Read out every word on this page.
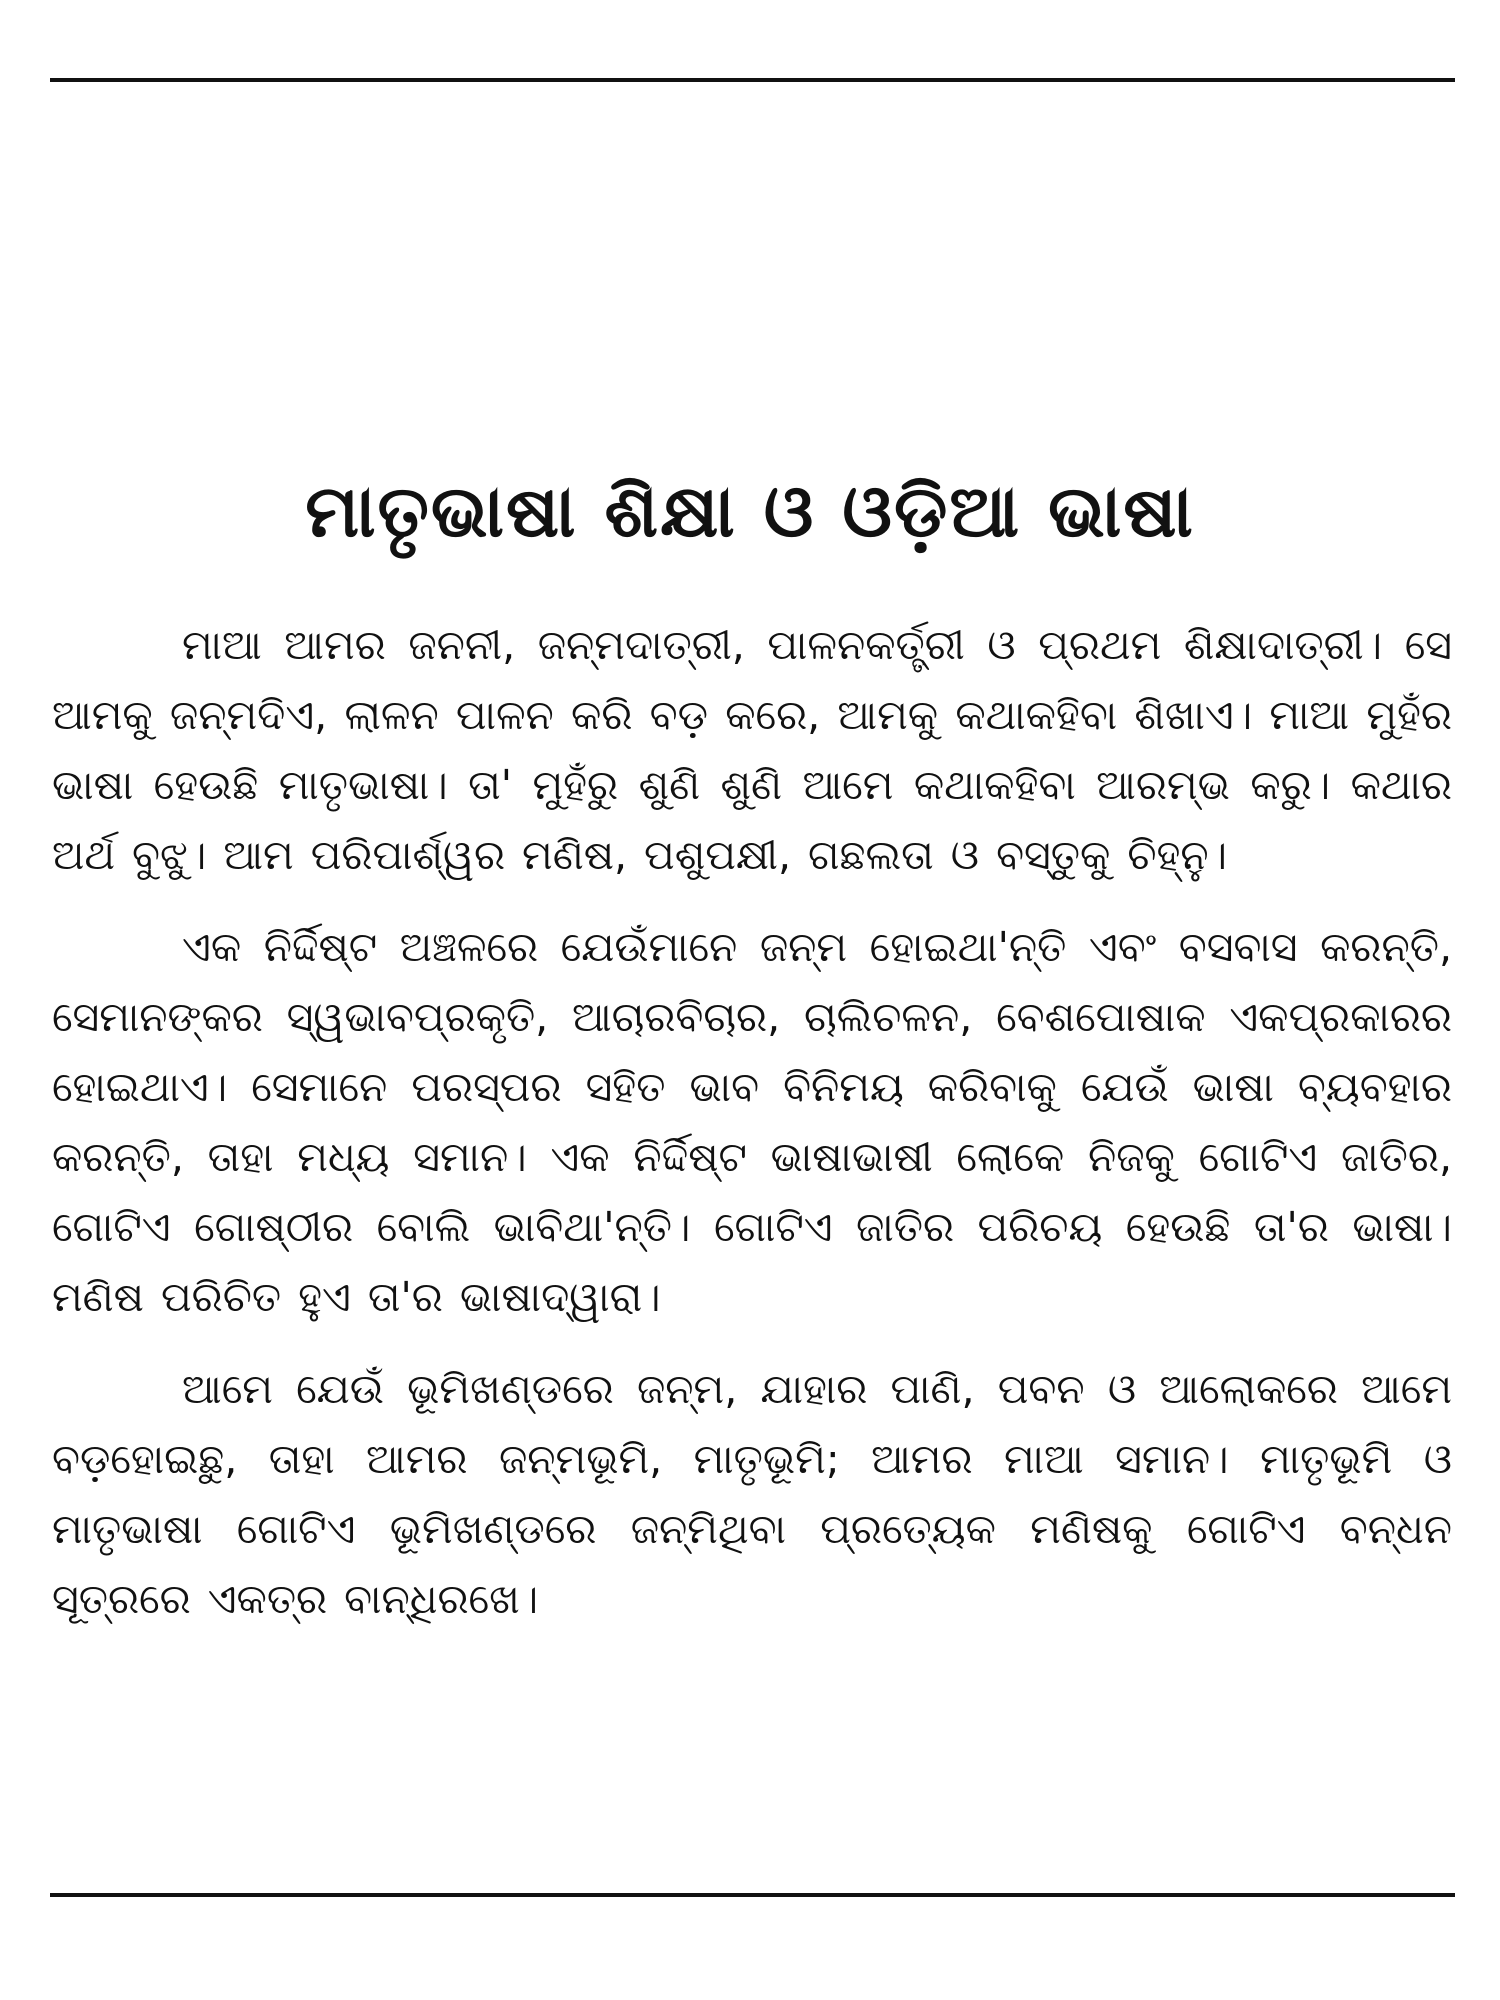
ମାତୃଭାଷା ଶିକ୍ଷା ଓ ଓଡ଼ିଆ ଭାଷା

ମାଆ ଆମର ଜନନୀ, ଜନ୍ମଦାତ୍ରୀ, ପାଳନକର୍ତ୍ତ୍ରୀ ଓ ପ୍ରଥମ ଶିକ୍ଷାଦାତ୍ରୀ। ସେ ଆମକୁ ଜନ୍ମଦିଏ, ଲାଳନ ପାଳନ କରି ବଡ଼ କରେ, ଆମକୁ କଥାକହିବା ଶିଖାଏ। ମାଆ ମୁହଁର ଭାଷା ହେଉଛି ମାତୃଭାଷା। ତା' ମୁହଁରୁ ଶୁଣି ଶୁଣି ଆମେ କଥାକହିବା ଆରମ୍ଭ କରୁ। କଥାର ଅର୍ଥ ବୁଝୁ। ଆମ ପରିପାର୍ଶ୍ୱର ମଣିଷ, ପଶୁପକ୍ଷୀ, ଗଛଲତା ଓ ବସ୍ତୁକୁ ଚିହ୍ନୁ।

ଏକ ନିର୍ଦ୍ଦିଷ୍ଟ ଅଞ୍ଚଳରେ ଯେଉଁମାନେ ଜନ୍ମ ହୋଇଥା'ନ୍ତି ଏବଂ ବସବାସ କରନ୍ତି, ସେମାନଙ୍କର ସ୍ୱଭାବପ୍ରକୃତି, ଆଚାରବିଚାର, ଚାଲିଚଳନ, ବେଶପୋଷାକ ଏକପ୍ରକାରର ହୋଇଥାଏ। ସେମାନେ ପରସ୍ପର ସହିତ ଭାବ ବିନିମୟ କରିବାକୁ ଯେଉଁ ଭାଷା ବ୍ୟବହାର କରନ୍ତି, ତାହା ମଧ୍ୟ ସମାନ। ଏକ ନିର୍ଦ୍ଦିଷ୍ଟ ଭାଷାଭାଷୀ ଲୋକେ ନିଜକୁ ଗୋଟିଏ ଜାତିର, ଗୋଟିଏ ଗୋଷ୍ଠୀର ବୋଲି ଭାବିଥା'ନ୍ତି। ଗୋଟିଏ ଜାତିର ପରିଚୟ ହେଉଛି ତା'ର ଭାଷା। ମଣିଷ ପରିଚିତ ହୁଏ ତା'ର ଭାଷାଦ୍ୱାରା।

ଆମେ ଯେଉଁ ଭୂମିଖଣ୍ଡରେ ଜନ୍ମ, ଯାହାର ପାଣି, ପବନ ଓ ଆଲୋକରେ ଆମେ ବଡ଼ହୋଇଛୁ, ତାହା ଆମର ଜନ୍ମଭୂମି, ମାତୃଭୂମି; ଆମର ମାଆ ସମାନ। ମାତୃଭୂମି ଓ ମାତୃଭାଷା ଗୋଟିଏ ଭୂମିଖଣ୍ଡରେ ଜନ୍ମିଥିବା ପ୍ରତ୍ୟେକ ମଣିଷକୁ ଗୋଟିଏ ବନ୍ଧନ ସୂତ୍ରରେ ଏକତ୍ର ବାନ୍ଧିରଖେ।
